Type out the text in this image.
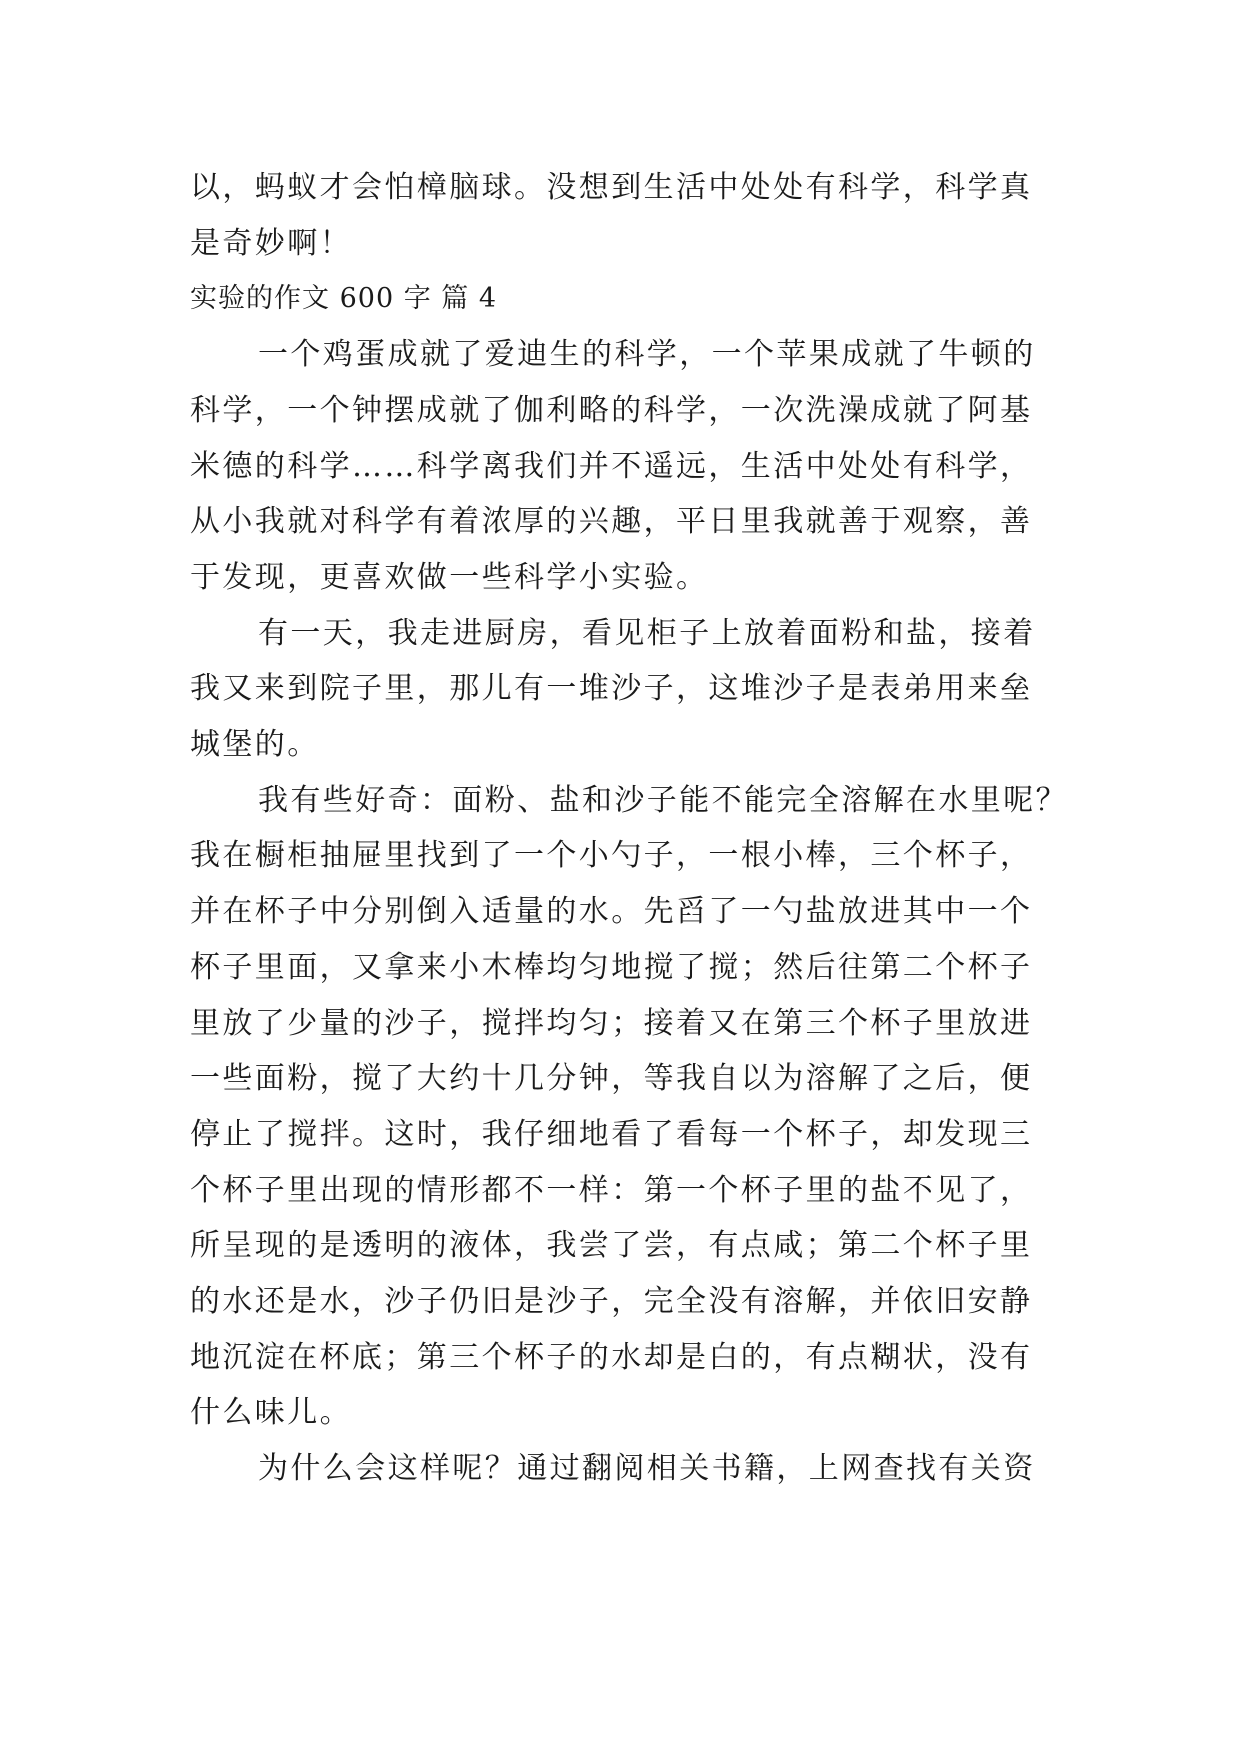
以，蚂蚁才会怕樟脑球。没想到生活中处处有科学，科学真
是奇妙啊！
实验的作文 600 字 篇 4
一个鸡蛋成就了爱迪生的科学，一个苹果成就了牛顿的
科学，一个钟摆成就了伽利略的科学，一次洗澡成就了阿基
米德的科学……科学离我们并不遥远，生活中处处有科学，
从小我就对科学有着浓厚的兴趣，平日里我就善于观察，善
于发现，更喜欢做一些科学小实验。
有一天，我走进厨房，看见柜子上放着面粉和盐，接着
我又来到院子里，那儿有一堆沙子，这堆沙子是表弟用来垒
城堡的。
我有些好奇：面粉、盐和沙子能不能完全溶解在水里呢？
我在橱柜抽屉里找到了一个小勺子，一根小棒，三个杯子，
并在杯子中分别倒入适量的水。先舀了一勺盐放进其中一个
杯子里面，又拿来小木棒均匀地搅了搅；然后往第二个杯子
里放了少量的沙子，搅拌均匀；接着又在第三个杯子里放进
一些面粉，搅了大约十几分钟，等我自以为溶解了之后，便
停止了搅拌。这时，我仔细地看了看每一个杯子，却发现三
个杯子里出现的情形都不一样：第一个杯子里的盐不见了，
所呈现的是透明的液体，我尝了尝，有点咸；第二个杯子里
的水还是水，沙子仍旧是沙子，完全没有溶解，并依旧安静
地沉淀在杯底；第三个杯子的水却是白的，有点糊状，没有
什么味儿。
为什么会这样呢？通过翻阅相关书籍，上网查找有关资
